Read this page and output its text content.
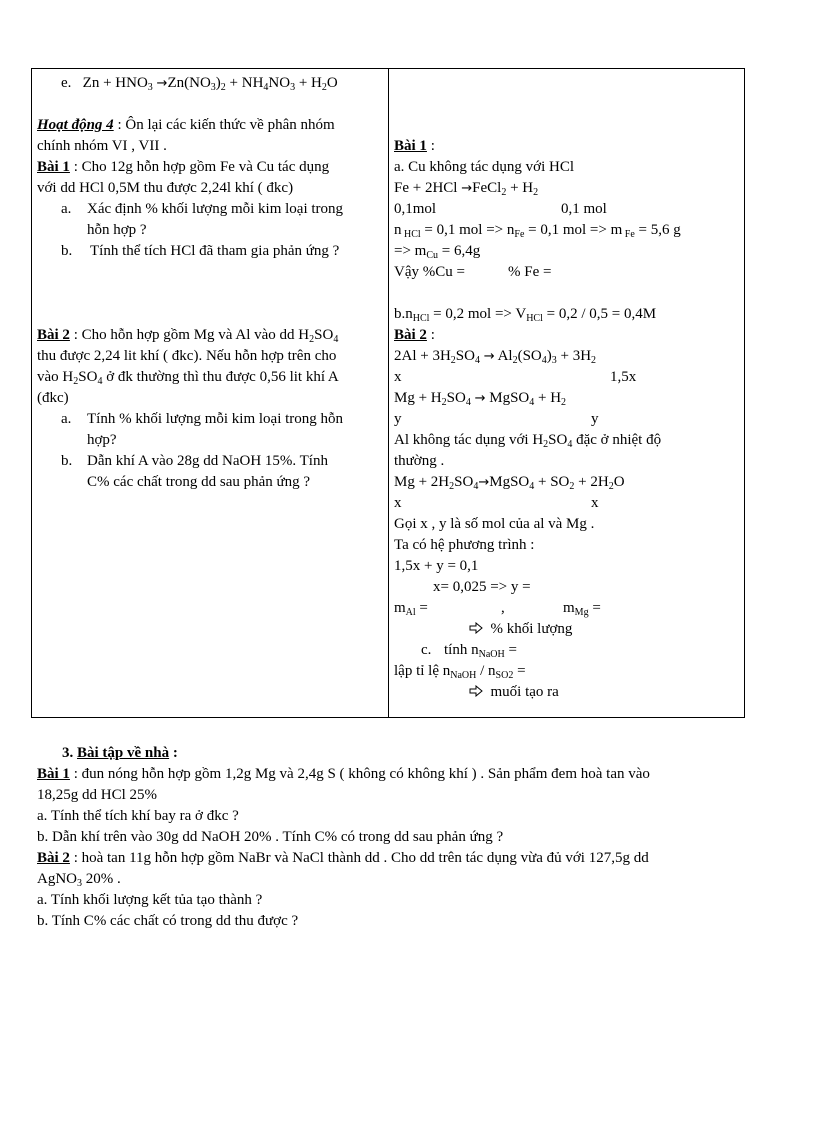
e. $Zn + HNO_3 \to Zn(NO_3)_2 + NH_4NO_3 + H_2O$
Hoạt động 4 : Ôn lại các kiến thức về phân nhóm
chính nhóm VI , VII .
Bài 1 : Cho 12g hỗn hợp gồm Fe và Cu tác dụng
với dd HCl 0,5M thu được 2,24l khí ( đkc)
a. Xác định % khối lượng mỗi kim loại trong
hỗn hợp ?
b. Tính thể tích HCl đã tham gia phản ứng ?
Bài 2 : Cho hỗn hợp gồm Mg và Al vào dd $H_2SO_4$
thu được 2,24 lit khí ( đkc). Nếu hỗn hợp trên cho
vào $H_2SO_4$ ở đk thường thì thu được 0,56 lit khí A
(đkc)
a. Tính % khối lượng mỗi kim loại trong hỗn
hợp?
b. Dẫn khí A vào 28g dd NaOH 15%. Tính
C% các chất trong dd sau phản ứng ?
Bài 1 :
a. Cu không tác dụng với HCl
Fe + 2HCl →FeCl$_2$ + $H_2$
0,1mol	0,1 mol
n $_{HCl}$ = 0,1 mol => $n_{Fe} = 0,1$ mol => m $_{Fe}$ = 5,6 g
=> $m_{Cu} = 6,4g$
Vậy %Cu =	% Fe =
$b.n_{HCl} = 0,2$ mol => $V_{HCl} = 0,2 / 0,5 = 0,4M$
Bài 2 :
$2Al + 3H_2SO_4 \to Al_2(SO_4)_3 + 3H_2$
x	1,5x
$Mg + H_2SO_4$ → MgSO$_4$ + $H_2$
y	y
Al không tác dụng với $H_2SO_4$ đặc ở nhiệt độ
thường .
$Mg + 2H_2SO_4\to MgSO_4 + SO_2 + 2H_2O$
x	x
Gọi x , y là số mol của al và Mg .
Ta có hệ phương trình :
1,5x + y = 0,1
x= 0,025 => y =
$m_{Al}$ =	,	$m_{Mg}$ =
% khối lượng
c. tính $n_{NaOH}$ =
lập tỉ lệ $n_{NaOH} / n_{SO2}$ =
muối tạo ra
3. Bài tập về nhà :
Bài 1 : đun nóng hỗn hợp gồm 1,2g Mg và 2,4g S ( không có không khí ) . Sản phẩm đem hoà tan vào
18,25g dd HCl 25%
a. Tính thể tích khí bay ra ở đkc ?
b. Dẫn khí trên vào 30g dd NaOH 20% . Tính C% có trong dd sau phản ứng ?
Bài 2 : hoà tan 11g hỗn hợp gồm NaBr và NaCl thành dd . Cho dd trên tác dụng vừa đủ với 127,5g dd
AgNO$_3$ 20% .
a. Tính khối lượng kết tủa tạo thành ?
b. Tính C% các chất có trong dd thu được ?
